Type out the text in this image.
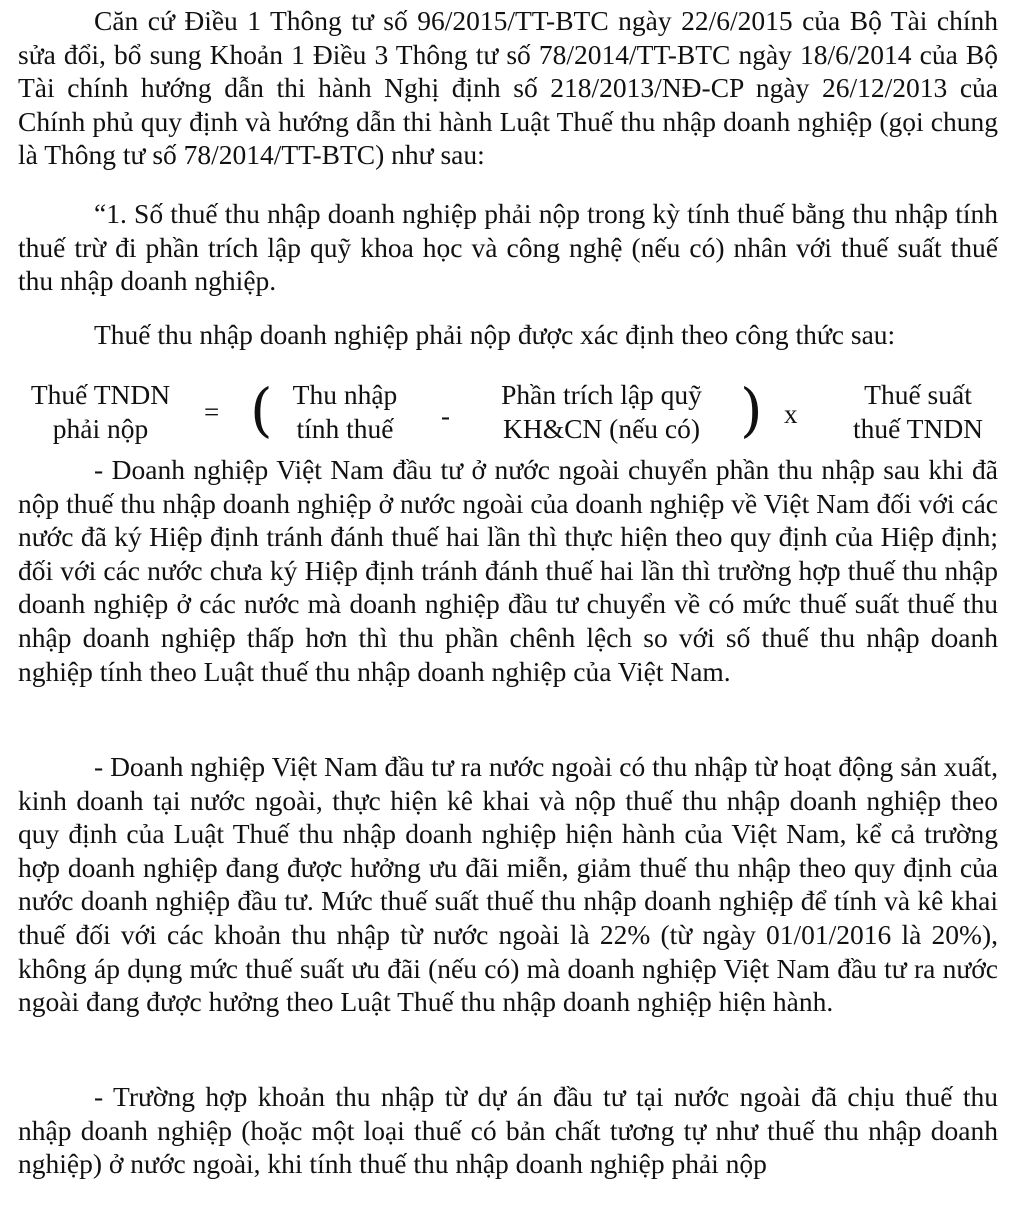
Căn cứ Điều 1 Thông tư số 96/2015/TT-BTC ngày 22/6/2015 của Bộ Tài chính sửa đổi, bổ sung Khoản 1 Điều 3 Thông tư số 78/2014/TT-BTC ngày 18/6/2014 của Bộ Tài chính hướng dẫn thi hành Nghị định số 218/2013/NĐ-CP ngày 26/12/2013 của Chính phủ quy định và hướng dẫn thi hành Luật Thuế thu nhập doanh nghiệp (gọi chung là Thông tư số 78/2014/TT-BTC) như sau:

“1. Số thuế thu nhập doanh nghiệp phải nộp trong kỳ tính thuế bằng thu nhập tính thuế trừ đi phần trích lập quỹ khoa học và công nghệ (nếu có) nhân với thuế suất thuế thu nhập doanh nghiệp.

Thuế thu nhập doanh nghiệp phải nộp được xác định theo công thức sau:

Thuế TNDN
phải nộp
= ( Thu nhập
tính thuế	-
Phần trích lập quỹ
KH&CN (nếu có) ) x
Thuế suất
thuế TNDN

- Doanh nghiệp Việt Nam đầu tư ở nước ngoài chuyển phần thu nhập sau khi đã nộp thuế thu nhập doanh nghiệp ở nước ngoài của doanh nghiệp về Việt Nam đối với các nước đã ký Hiệp định tránh đánh thuế hai lần thì thực hiện theo quy định của Hiệp định; đối với các nước chưa ký Hiệp định tránh đánh thuế hai lần thì trường hợp thuế thu nhập doanh nghiệp ở các nước mà doanh nghiệp đầu tư chuyển về có mức thuế suất thuế thu nhập doanh nghiệp thấp hơn thì thu phần chênh lệch so với số thuế thu nhập doanh nghiệp tính theo Luật thuế thu nhập doanh nghiệp của Việt Nam.

- Doanh nghiệp Việt Nam đầu tư ra nước ngoài có thu nhập từ hoạt động sản xuất, kinh doanh tại nước ngoài, thực hiện kê khai và nộp thuế thu nhập doanh nghiệp theo quy định của Luật Thuế thu nhập doanh nghiệp hiện hành của Việt Nam, kể cả trường hợp doanh nghiệp đang được hưởng ưu đãi miễn, giảm thuế thu nhập theo quy định của nước doanh nghiệp đầu tư. Mức thuế suất thuế thu nhập doanh nghiệp để tính và kê khai thuế đối với các khoản thu nhập từ nước ngoài là 22% (từ ngày 01/01/2016 là 20%), không áp dụng mức thuế suất ưu đãi (nếu có) mà doanh nghiệp Việt Nam đầu tư ra nước ngoài đang được hưởng theo Luật Thuế thu nhập doanh nghiệp hiện hành.

- Trường hợp khoản thu nhập từ dự án đầu tư tại nước ngoài đã chịu thuế thu nhập doanh nghiệp (hoặc một loại thuế có bản chất tương tự như thuế thu nhập doanh nghiệp) ở nước ngoài, khi tính thuế thu nhập doanh nghiệp phải nộp
